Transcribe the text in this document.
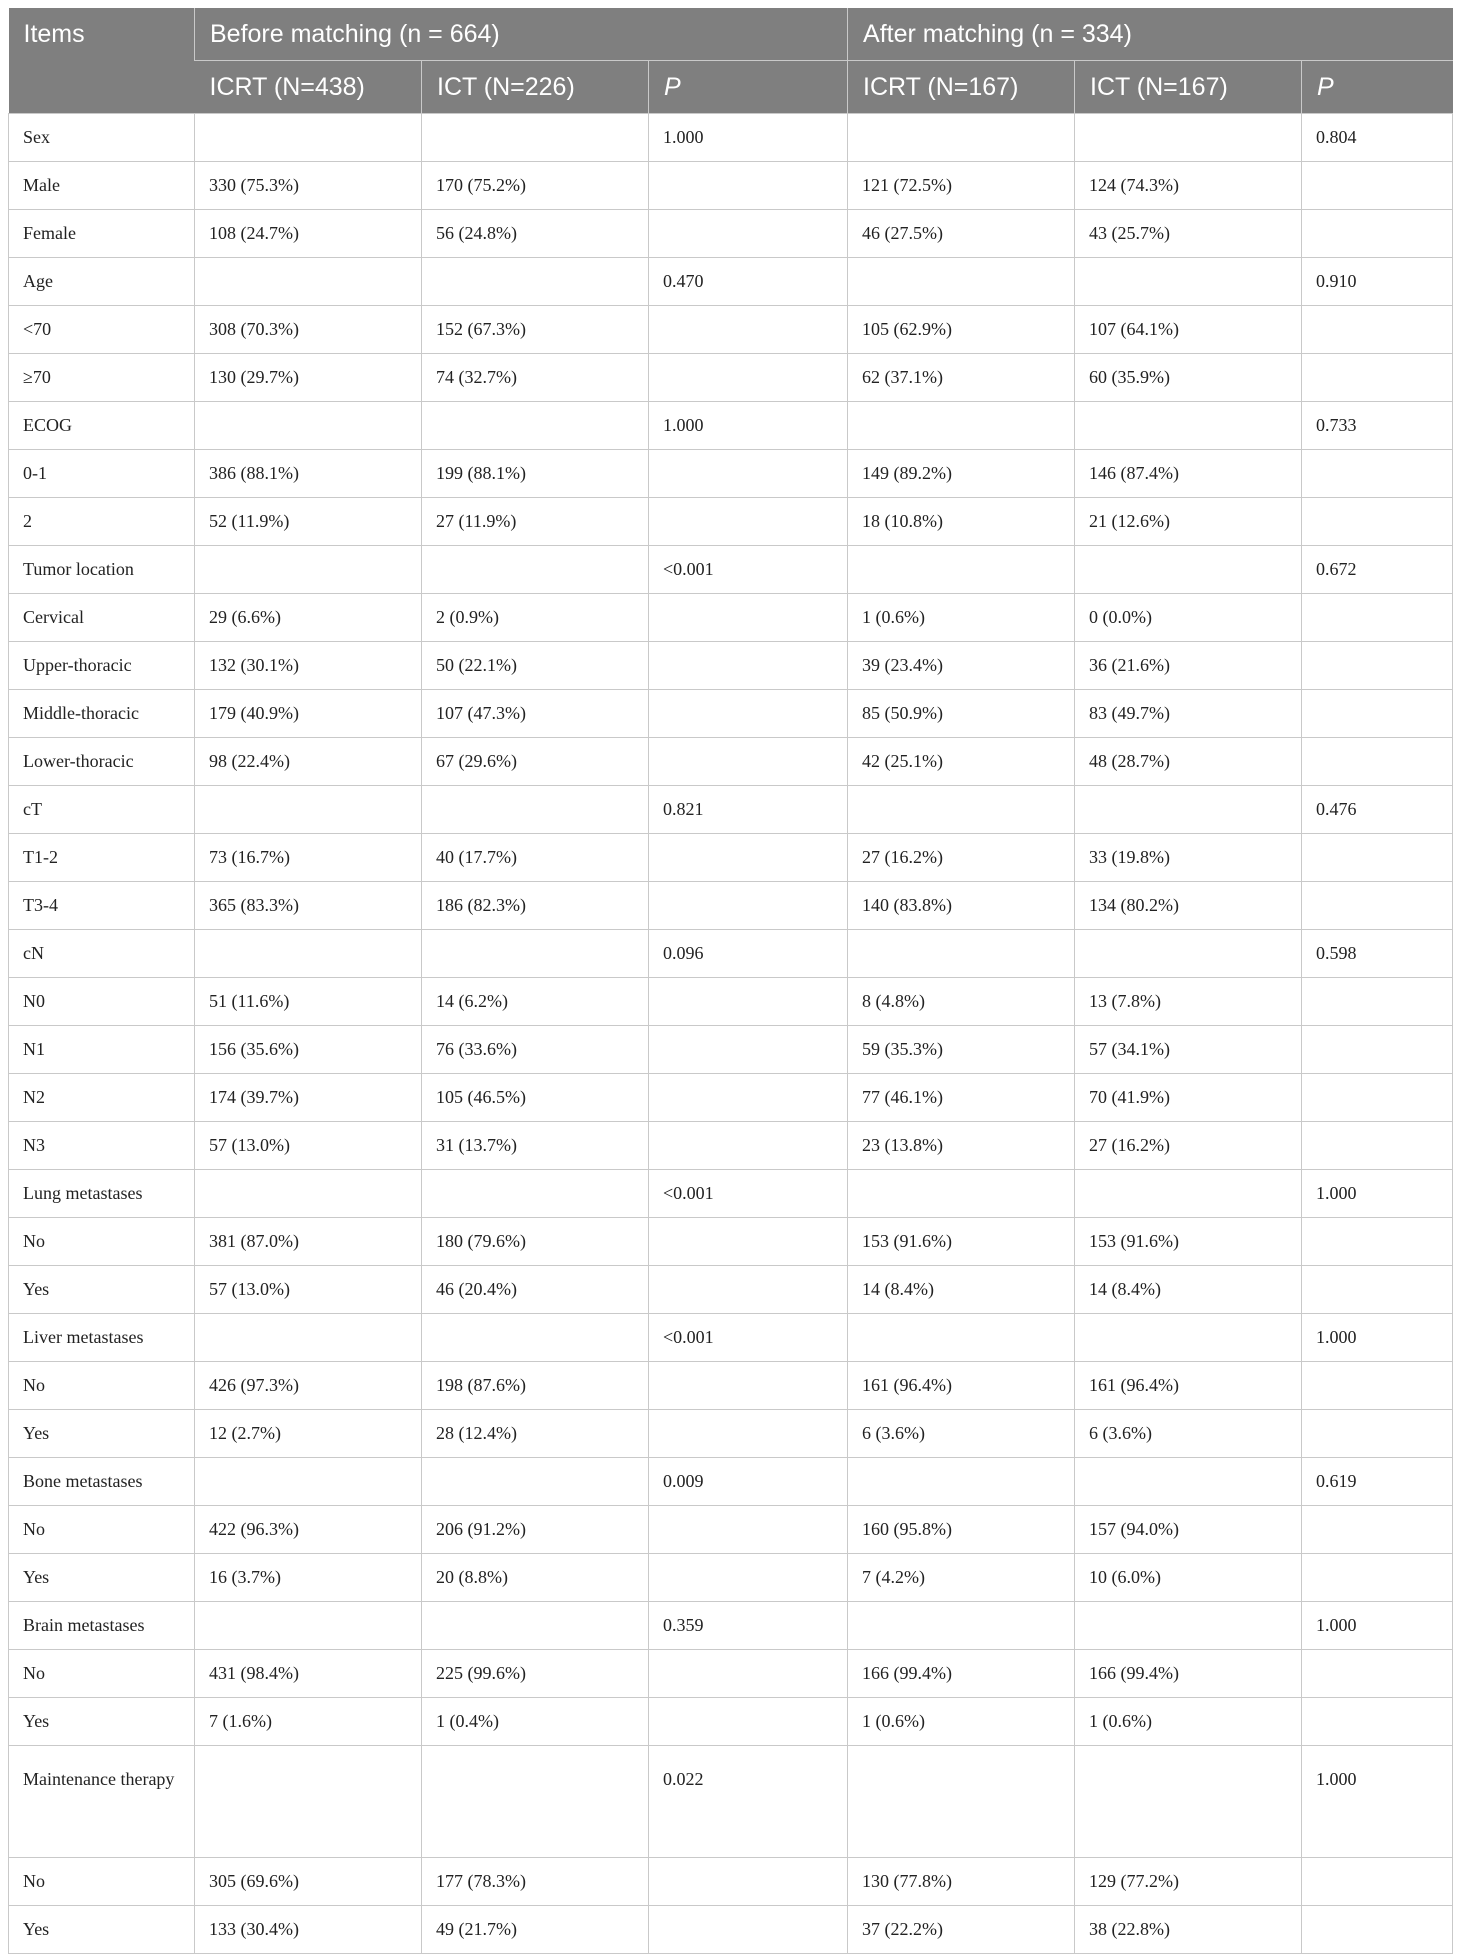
Items	Before matching (n = 664)			After matching (n = 334)		
	ICRT (N=438)	ICT (N=226)	P	ICRT (N=167)	ICT (N=167)	P
Sex			1.000			0.804
Male	330 (75.3%)	170 (75.2%)		121 (72.5%)	124 (74.3%)	
Female	108 (24.7%)	56 (24.8%)		46 (27.5%)	43 (25.7%)	
Age			0.470			0.910
<70	308 (70.3%)	152 (67.3%)		105 (62.9%)	107 (64.1%)	
≥70	130 (29.7%)	74 (32.7%)		62 (37.1%)	60 (35.9%)	
ECOG			1.000			0.733
0-1	386 (88.1%)	199 (88.1%)		149 (89.2%)	146 (87.4%)	
2	52 (11.9%)	27 (11.9%)		18 (10.8%)	21 (12.6%)	
Tumor location			<0.001			0.672
Cervical	29 (6.6%)	2 (0.9%)		1 (0.6%)	0 (0.0%)	
Upper-thoracic	132 (30.1%)	50 (22.1%)		39 (23.4%)	36 (21.6%)	
Middle-thoracic	179 (40.9%)	107 (47.3%)		85 (50.9%)	83 (49.7%)	
Lower-thoracic	98 (22.4%)	67 (29.6%)		42 (25.1%)	48 (28.7%)	
cT			0.821			0.476
T1-2	73 (16.7%)	40 (17.7%)		27 (16.2%)	33 (19.8%)	
T3-4	365 (83.3%)	186 (82.3%)		140 (83.8%)	134 (80.2%)	
cN			0.096			0.598
N0	51 (11.6%)	14 (6.2%)		8 (4.8%)	13 (7.8%)	
N1	156 (35.6%)	76 (33.6%)		59 (35.3%)	57 (34.1%)	
N2	174 (39.7%)	105 (46.5%)		77 (46.1%)	70 (41.9%)	
N3	57 (13.0%)	31 (13.7%)		23 (13.8%)	27 (16.2%)	
Lung metastases			<0.001			1.000
No	381 (87.0%)	180 (79.6%)		153 (91.6%)	153 (91.6%)	
Yes	57 (13.0%)	46 (20.4%)		14 (8.4%)	14 (8.4%)	
Liver metastases			<0.001			1.000
No	426 (97.3%)	198 (87.6%)		161 (96.4%)	161 (96.4%)	
Yes	12 (2.7%)	28 (12.4%)		6 (3.6%)	6 (3.6%)	
Bone metastases			0.009			0.619
No	422 (96.3%)	206 (91.2%)		160 (95.8%)	157 (94.0%)	
Yes	16 (3.7%)	20 (8.8%)		7 (4.2%)	10 (6.0%)	
Brain metastases			0.359			1.000
No	431 (98.4%)	225 (99.6%)		166 (99.4%)	166 (99.4%)	
Yes	7 (1.6%)	1 (0.4%)		1 (0.6%)	1 (0.6%)	
Maintenance therapy			0.022			1.000
No	305 (69.6%)	177 (78.3%)		130 (77.8%)	129 (77.2%)	
Yes	133 (30.4%)	49 (21.7%)		37 (22.2%)	38 (22.8%)	
